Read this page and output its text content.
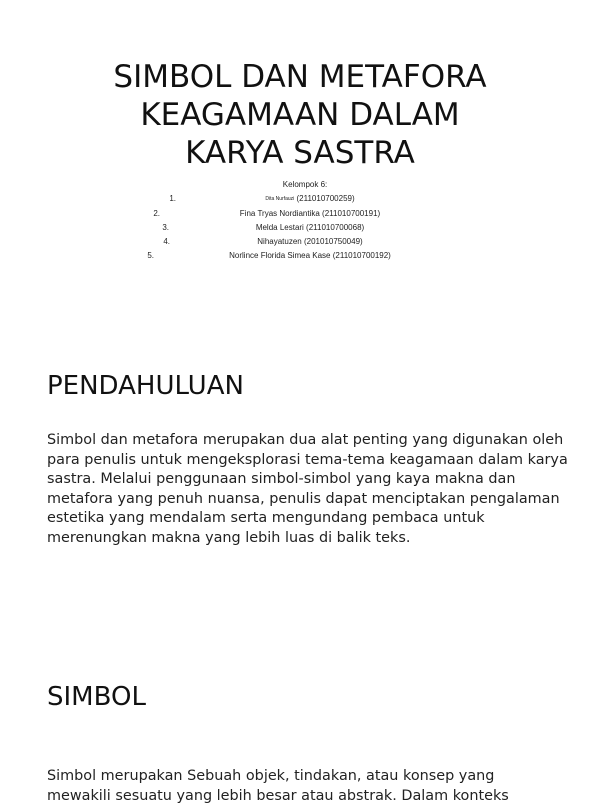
SIMBOL DAN METAFORA
KEAGAMAAN DALAM
KARYA SASTRA
Kelompok 6:
1.	Dita Nurfauzi (211010700259)
2.	Fina Tryas Nordiantika (211010700191)
3.	Melda Lestari (211010700068)
4.	Nihayatuzen (201010750049)
5.	Norlince Florida Simea Kase (211010700192)
PENDAHULUAN

Simbol dan metafora merupakan dua alat penting yang digunakan oleh
para penulis untuk mengeksplorasi tema-tema keagamaan dalam karya
sastra. Melalui penggunaan simbol-simbol yang kaya makna dan
metafora yang penuh nuansa, penulis dapat menciptakan pengalaman
estetika yang mendalam serta mengundang pembaca untuk
merenungkan makna yang lebih luas di balik teks.

SIMBOL

Simbol merupakan Sebuah objek, tindakan, atau konsep yang
mewakili sesuatu yang lebih besar atau abstrak. Dalam konteks
